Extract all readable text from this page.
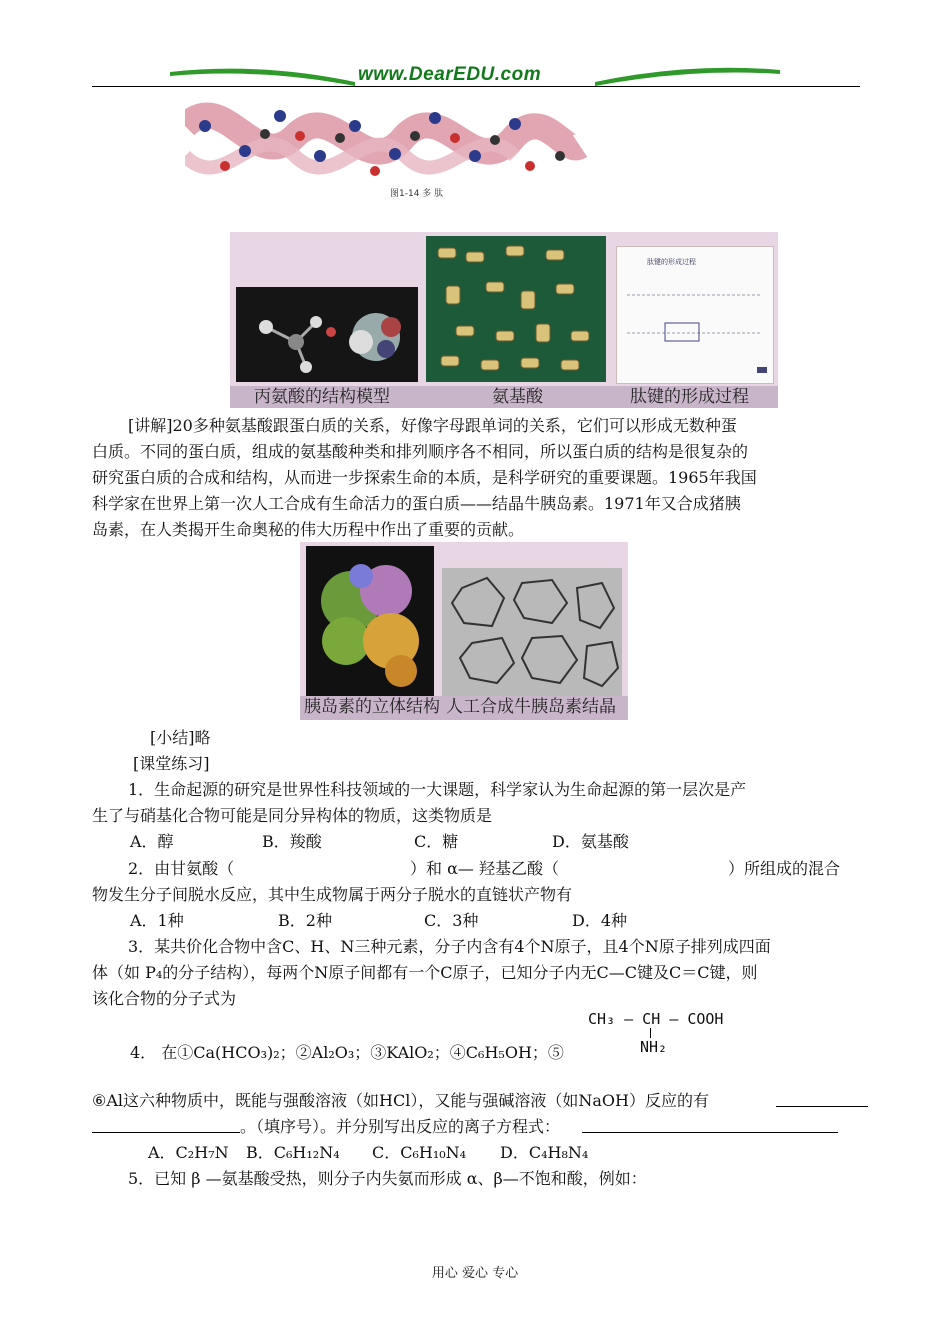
www.DearEDU.com
图1-14 多 肽
肽键的形成过程
丙氨酸的结构模型	氨基酸	肽键的形成过程
[讲解]20多种氨基酸跟蛋白质的关系，好像字母跟单词的关系，它们可以形成无数种蛋
白质。不同的蛋白质，组成的氨基酸种类和排列顺序各不相同，所以蛋白质的结构是很复杂的
研究蛋白质的合成和结构，从而进一步探索生命的本质，是科学研究的重要课题。1965年我国
科学家在世界上第一次人工合成有生命活力的蛋白质——结晶牛胰岛素。1971年又合成猪胰
岛素，在人类揭开生命奥秘的伟大历程中作出了重要的贡献。
胰岛素的立体结构 人工合成牛胰岛素结晶
[小结]略
[课堂练习]
1．生命起源的研究是世界性科技领域的一大课题，科学家认为生命起源的第一层次是产
生了与硝基化合物可能是同分异构体的物质，这类物质是
A．醇	B．羧酸	C．糖	D．氨基酸
2．由甘氨酸（	）和 α— 羟基乙酸（	）所组成的混合
物发生分子间脱水反应，其中生成物属于两分子脱水的直链状产物有
A．1种	B．2种	C．3种	D．4种
3．某共价化合物中含C、H、N三种元素，分子内含有4个N原子，且4个N原子排列成四面
体（如 P₄的分子结构），每两个N原子间都有一个C原子，已知分子内无C—C键及C＝C键，则
该化合物的分子式为
CH₃ — CH — COOH
NH₂
4． 在①Ca(HCO₃)₂；②Al₂O₃；③KAlO₂；④C₆H₅OH；⑤
⑥Al这六种物质中，既能与强酸溶液（如HCl），又能与强碱溶液（如NaOH）反应的有
。（填序号）。并分别写出反应的离子方程式：
A．C₂H₇N B．C₆H₁₂N₄ C．C₆H₁₀N₄ D．C₄H₈N₄
5．已知 β —氨基酸受热，则分子内失氨而形成 α、β—不饱和酸，例如：
用心 爱心 专心
